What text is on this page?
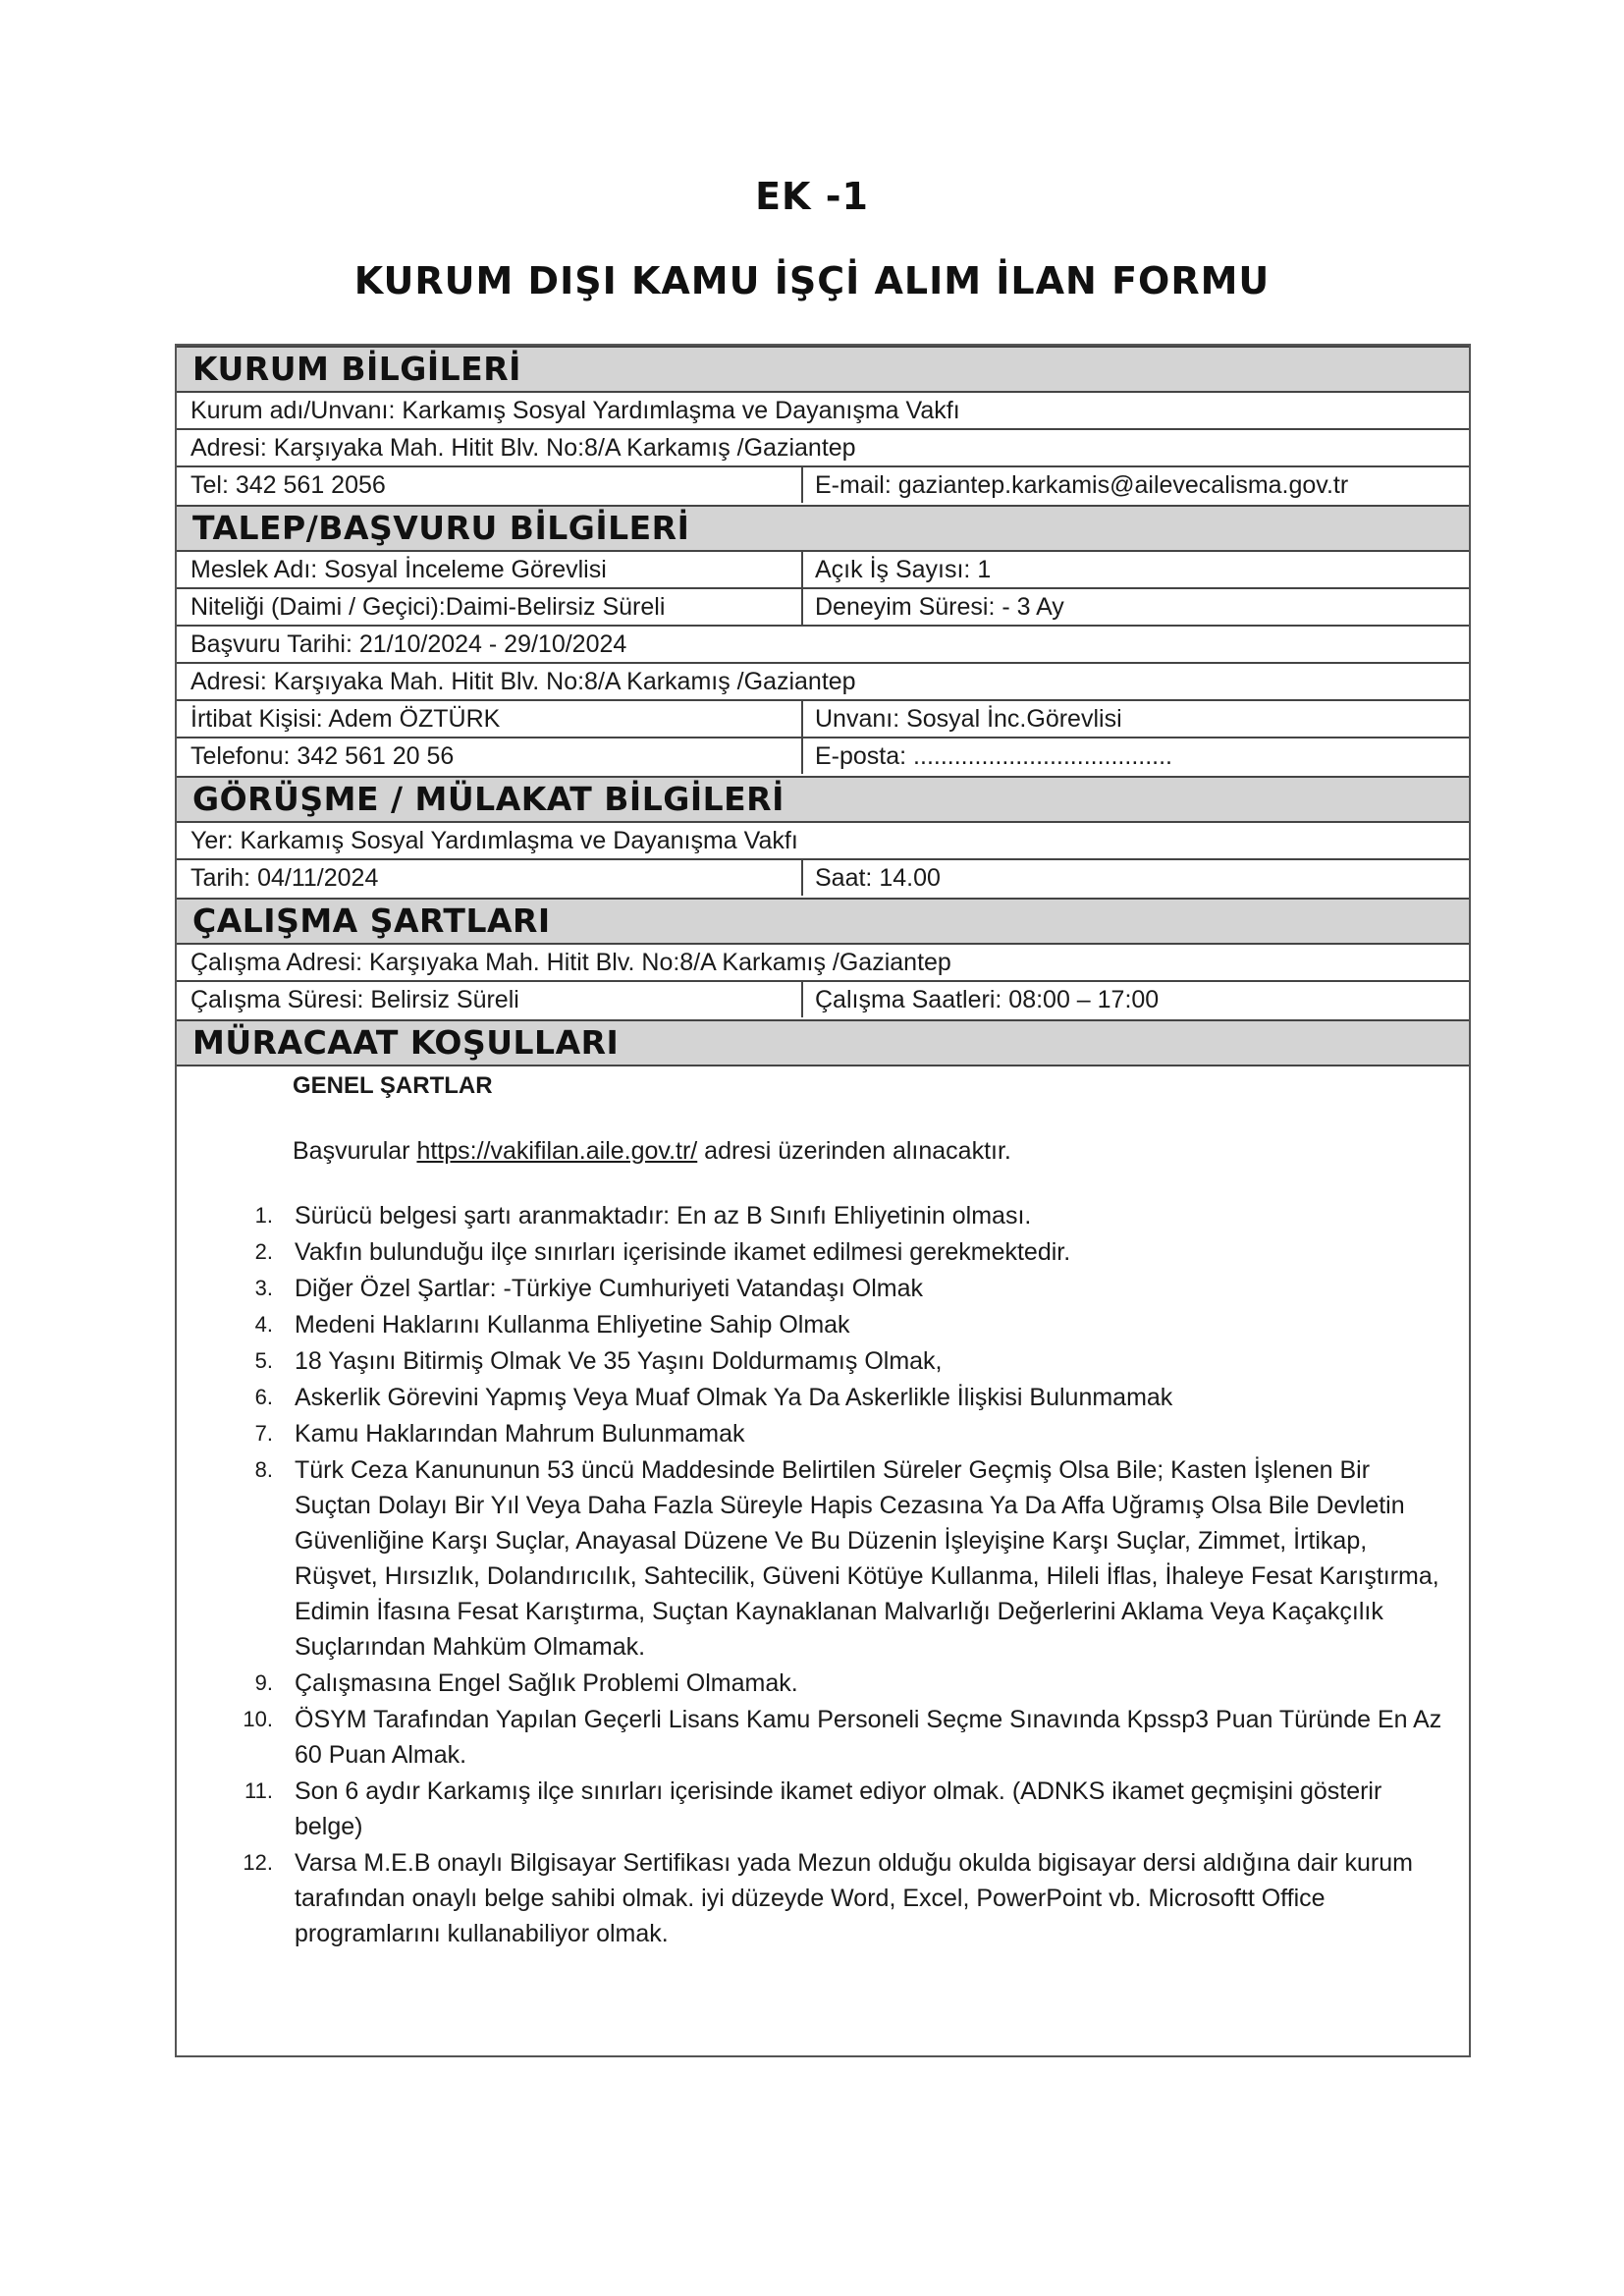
EK -1
KURUM DIŞI KAMU İŞÇİ ALIM İLAN FORMU
KURUM BİLGİLERİ
Kurum adı/Unvanı: Karkamış Sosyal Yardımlaşma ve Dayanışma Vakfı
Adresi: Karşıyaka Mah. Hitit Blv. No:8/A Karkamış /Gaziantep
Tel: 342 561 2056	E-mail: gaziantep.karkamis@ailevecalisma.gov.tr
TALEP/BAŞVURU BİLGİLERİ
Meslek Adı: Sosyal İnceleme Görevlisi	Açık İş Sayısı: 1
Niteliği (Daimi / Geçici):Daimi-Belirsiz Süreli	Deneyim Süresi: - 3 Ay
Başvuru Tarihi: 21/10/2024 - 29/10/2024
Adresi: Karşıyaka Mah. Hitit Blv. No:8/A Karkamış /Gaziantep
İrtibat Kişisi: Adem ÖZTÜRK	Unvanı: Sosyal İnc.Görevlisi
Telefonu: 342 561 20 56	E-posta: ......................................
GÖRÜŞME / MÜLAKAT BİLGİLERİ
Yer: Karkamış Sosyal Yardımlaşma ve Dayanışma Vakfı
Tarih: 04/11/2024	Saat: 14.00
ÇALIŞMA ŞARTLARI
Çalışma Adresi: Karşıyaka Mah. Hitit Blv. No:8/A Karkamış /Gaziantep
Çalışma Süresi: Belirsiz Süreli	Çalışma Saatleri: 08:00 – 17:00
MÜRACAAT KOŞULLARI
GENEL ŞARTLAR
Başvurular https://vakifilan.aile.gov.tr/ adresi üzerinden alınacaktır.
1. Sürücü belgesi şartı aranmaktadır: En az B Sınıfı Ehliyetinin olması.
2. Vakfın bulunduğu ilçe sınırları içerisinde ikamet edilmesi gerekmektedir.
3. Diğer Özel Şartlar: -Türkiye Cumhuriyeti Vatandaşı Olmak
4. Medeni Haklarını Kullanma Ehliyetine Sahip Olmak
5. 18 Yaşını Bitirmiş Olmak Ve 35 Yaşını Doldurmamış Olmak,
6. Askerlik Görevini Yapmış Veya Muaf Olmak Ya Da Askerlikle İlişkisi Bulunmamak
7. Kamu Haklarından Mahrum Bulunmamak
8. Türk Ceza Kanununun 53 üncü Maddesinde Belirtilen Süreler Geçmiş Olsa Bile; Kasten İşlenen Bir Suçtan Dolayı Bir Yıl Veya Daha Fazla Süreyle Hapis Cezasına Ya Da Affa Uğramış Olsa Bile Devletin Güvenliğine Karşı Suçlar, Anayasal Düzene Ve Bu Düzenin İşleyişine Karşı Suçlar, Zimmet, İrtikap, Rüşvet, Hırsızlık, Dolandırıcılık, Sahtecilik, Güveni Kötüye Kullanma, Hileli İflas, İhaleye Fesat Karıştırma, Edimin İfasına Fesat Karıştırma, Suçtan Kaynaklanan Malvarlığı Değerlerini Aklama Veya Kaçakçılık Suçlarından Mahküm Olmamak.
9. Çalışmasına Engel Sağlık Problemi Olmamak.
10. ÖSYM Tarafından Yapılan Geçerli Lisans Kamu Personeli Seçme Sınavında Kpssp3 Puan Türünde En Az 60 Puan Almak.
11. Son 6 aydır Karkamış ilçe sınırları içerisinde ikamet ediyor olmak. (ADNKS ikamet geçmişini gösterir belge)
12. Varsa M.E.B onaylı Bilgisayar Sertifikası yada Mezun olduğu okulda bigisayar dersi aldığına dair kurum tarafından onaylı belge sahibi olmak. iyi düzeyde Word, Excel, PowerPoint vb. Microsoftt Office programlarını kullanabiliyor olmak.
